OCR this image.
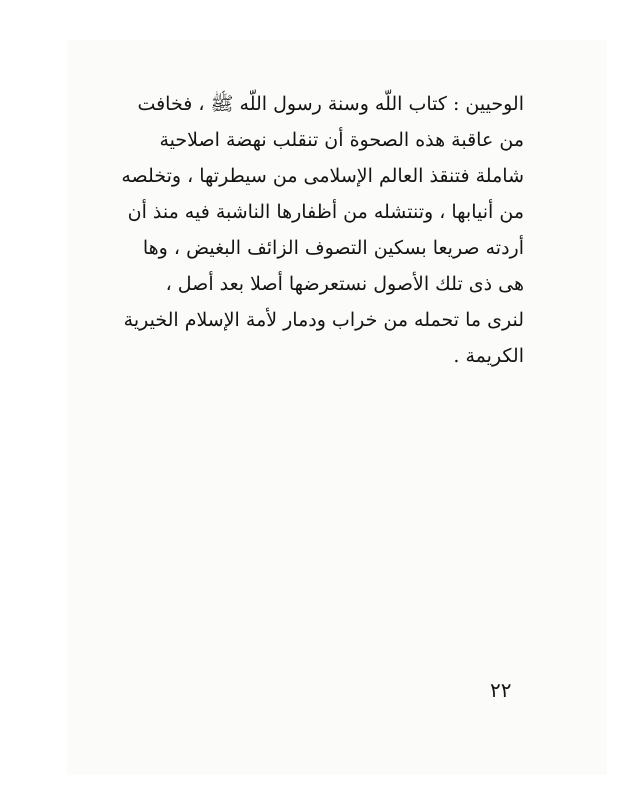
الوحيين : كتاب اللّه وسنة رسول اللّه ﷺ ، فخافت
من عاقبة هذه الصحوة أن تنقلب نهضة اصلاحية
شاملة فتنقذ العالم الإسلامى من سيطرتها ، وتخلصه
من أنيابها ، وتنتشله من أظفارها الناشبة فيه منذ أن
أردته صريعا بسكين التصوف الزائف البغيض ، وها
هى ذى تلك الأصول نستعرضها أصلا بعد أصل ،
لنرى ما تحمله من خراب ودمار لأمة الإسلام الخيرية
الكريمة .
٢٢
